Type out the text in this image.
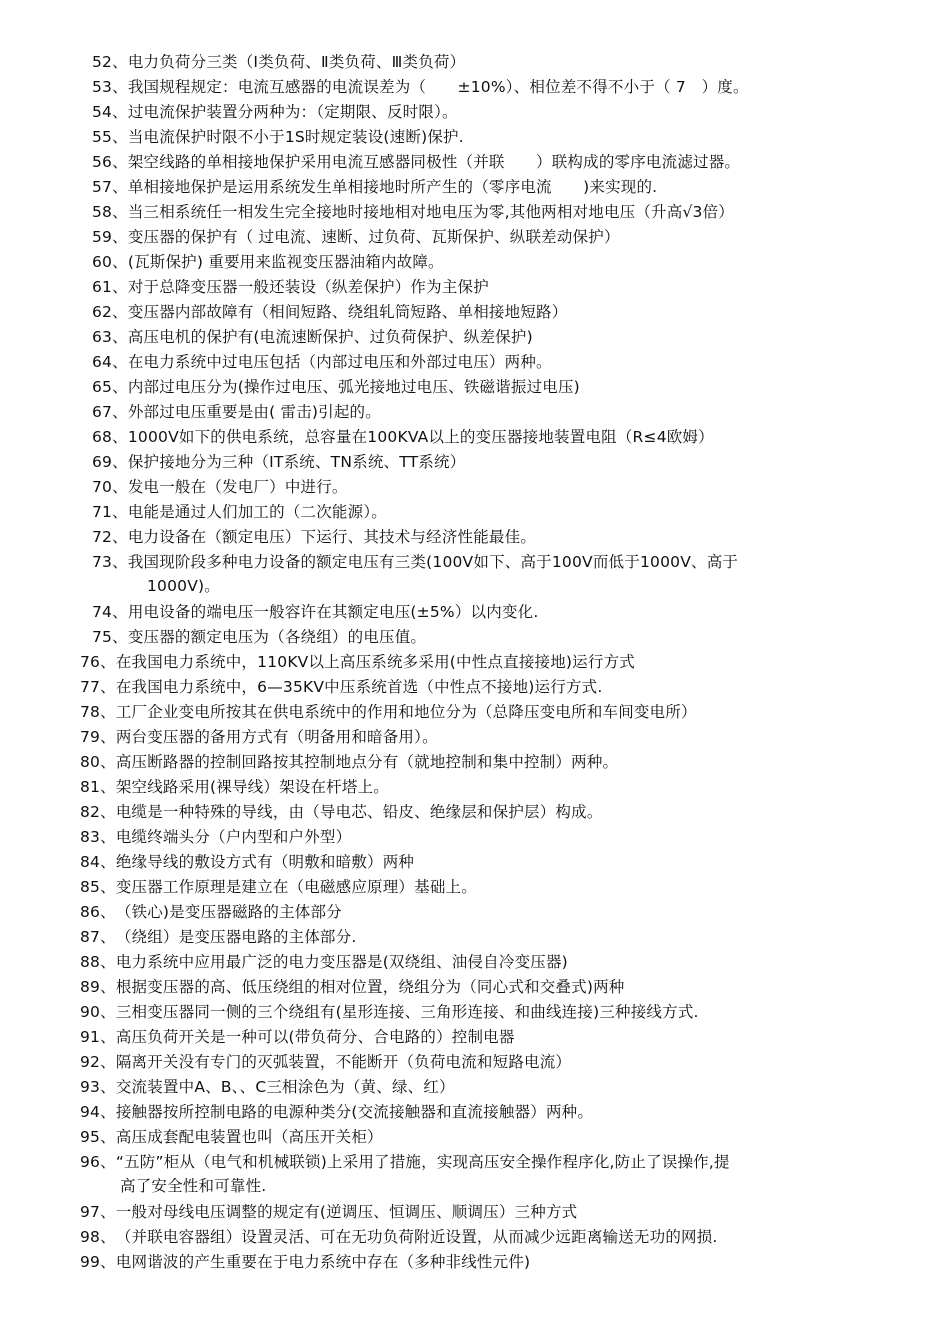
52、电力负荷分三类（Ⅰ类负荷、Ⅱ类负荷、Ⅲ类负荷）
53、我国规程规定：电流互感器的电流误差为（　　±10%）、相位差不得不小于（ 7　）度。
54、过电流保护装置分两种为：（定期限、反时限）。
55、当电流保护时限不小于1S时规定装设(速断)保护.
56、架空线路的单相接地保护采用电流互感器同极性（并联　　）联构成的零序电流滤过器。
57、单相接地保护是运用系统发生单相接地时所产生的（零序电流　　)来实现的.
58、当三相系统任一相发生完全接地时接地相对地电压为零,其他两相对地电压（升高√3倍）
59、变压器的保护有（ 过电流、速断、过负荷、瓦斯保护、纵联差动保护）
60、(瓦斯保护) 重要用来监视变压器油箱内故障。
61、对于总降变压器一般还装设（纵差保护）作为主保护
62、变压器内部故障有（相间短路、绕组轧筒短路、单相接地短路）
63、高压电机的保护有(电流速断保护、过负荷保护、纵差保护)
64、在电力系统中过电压包括（内部过电压和外部过电压）两种。
65、内部过电压分为(操作过电压、弧光接地过电压、铁磁谐振过电压)
67、外部过电压重要是由( 雷击)引起的。
68、1000V如下的供电系统，总容量在100KVA以上的变压器接地装置电阻（R≤4欧姆）
69、保护接地分为三种（IT系统、TN系统、TT系统）
70、发电一般在（发电厂）中进行。
71、电能是通过人们加工的（二次能源）。
72、电力设备在（额定电压）下运行、其技术与经济性能最佳。
73、我国现阶段多种电力设备的额定电压有三类(100V如下、高于100V而低于1000V、高于
1000V)。
74、用电设备的端电压一般容许在其额定电压(±5%）以内变化.
75、变压器的额定电压为（各绕组）的电压值。
76、在我国电力系统中，110KV以上高压系统多采用(中性点直接接地)运行方式
77、在我国电力系统中，6—35KV中压系统首选（中性点不接地)运行方式.
78、工厂企业变电所按其在供电系统中的作用和地位分为（总降压变电所和车间变电所）
79、两台变压器的备用方式有（明备用和暗备用）。
80、高压断路器的控制回路按其控制地点分有（就地控制和集中控制）两种。
81、架空线路采用(裸导线）架设在杆塔上。
82、电缆是一种特殊的导线，由（导电芯、铅皮、绝缘层和保护层）构成。
83、电缆终端头分（户内型和户外型）
84、绝缘导线的敷设方式有（明敷和暗敷）两种
85、变压器工作原理是建立在（电磁感应原理）基础上。
86、（铁心)是变压器磁路的主体部分
87、（绕组）是变压器电路的主体部分.
88、电力系统中应用最广泛的电力变压器是(双绕组、油侵自冷变压器)
89、根据变压器的高、低压绕组的相对位置，绕组分为（同心式和交叠式)两种
90、三相变压器同一侧的三个绕组有(星形连接、三角形连接、和曲线连接)三种接线方式.
91、高压负荷开关是一种可以(带负荷分、合电路的）控制电器
92、隔离开关没有专门的灭弧装置，不能断开（负荷电流和短路电流）
93、交流装置中A、B、、C三相涂色为（黄、绿、红）
94、接触器按所控制电路的电源种类分(交流接触器和直流接触器）两种。
95、高压成套配电装置也叫（高压开关柜）
96、“五防”柜从（电气和机械联锁)上采用了措施，实现高压安全操作程序化,防止了误操作,提
高了安全性和可靠性.
97、一般对母线电压调整的规定有(逆调压、恒调压、顺调压）三种方式
98、（并联电容器组）设置灵活、可在无功负荷附近设置，从而减少远距离输送无功的网损.
99、电网谐波的产生重要在于电力系统中存在（多种非线性元件)
